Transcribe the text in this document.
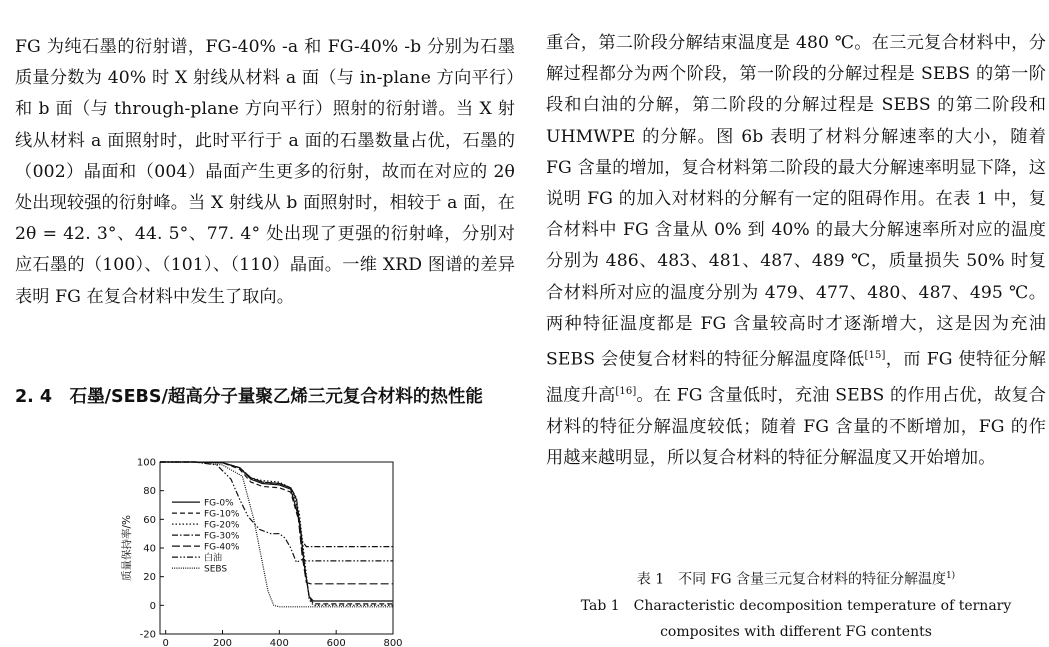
FG 为纯石墨的衍射谱，FG-40% -a 和 FG-40% -b 分别为石墨质量分数为 40% 时 X 射线从材料 a 面（与 in-plane 方向平行）和 b 面（与 through-plane 方向平行）照射的衍射谱。当 X 射线从材料 a 面照射时，此时平行于 a 面的石墨数量占优，石墨的（002）晶面和（004）晶面产生更多的衍射，故而在对应的 2θ 处出现较强的衍射峰。当 X 射线从 b 面照射时，相较于 a 面，在 2θ = 42. 3°、44. 5°、77. 4° 处出现了更强的衍射峰，分别对应石墨的（100）、（101）、（110）晶面。一维 XRD 图谱的差异表明 FG 在复合材料中发生了取向。

2. 4　石墨/SEBS/超高分子量聚乙烯三元复合材料的热性能
0	200	400	600	800
100
80
60
40
20
0
-20
质量保持率/%
FG-0%
FG-10%
FG-20%
FG-30%
FG-40%
白油
SEBS

重合，第二阶段分解结束温度是 480 ℃。在三元复合材料中，分解过程都分为两个阶段，第一阶段的分解过程是 SEBS 的第一阶段和白油的分解，第二阶段的分解过程是 SEBS 的第二阶段和 UHMWPE 的分解。图 6b 表明了材料分解速率的大小，随着 FG 含量的增加，复合材料第二阶段的最大分解速率明显下降，这说明 FG 的加入对材料的分解有一定的阻碍作用。在表 1 中，复合材料中 FG 含量从 0% 到 40% 的最大分解速率所对应的温度分别为 486、483、481、487、489 ℃，质量损失 50% 时复合材料所对应的温度分别为 479、477、480、487、495 ℃。两种特征温度都是 FG 含量较高时才逐渐增大，这是因为充油 SEBS 会使复合材料的特征分解温度降低[15]，而 FG 使特征分解温度升高[16]。在 FG 含量低时，充油 SEBS 的作用占优，故复合材料的特征分解温度较低；随着 FG 含量的不断增加，FG 的作用越来越明显，所以复合材料的特征分解温度又开始增加。

表 1　不同 FG 含量三元复合材料的特征分解温度$^{1)}$
Tab 1　Characteristic decomposition temperature of ternary
composites with different FG contents
